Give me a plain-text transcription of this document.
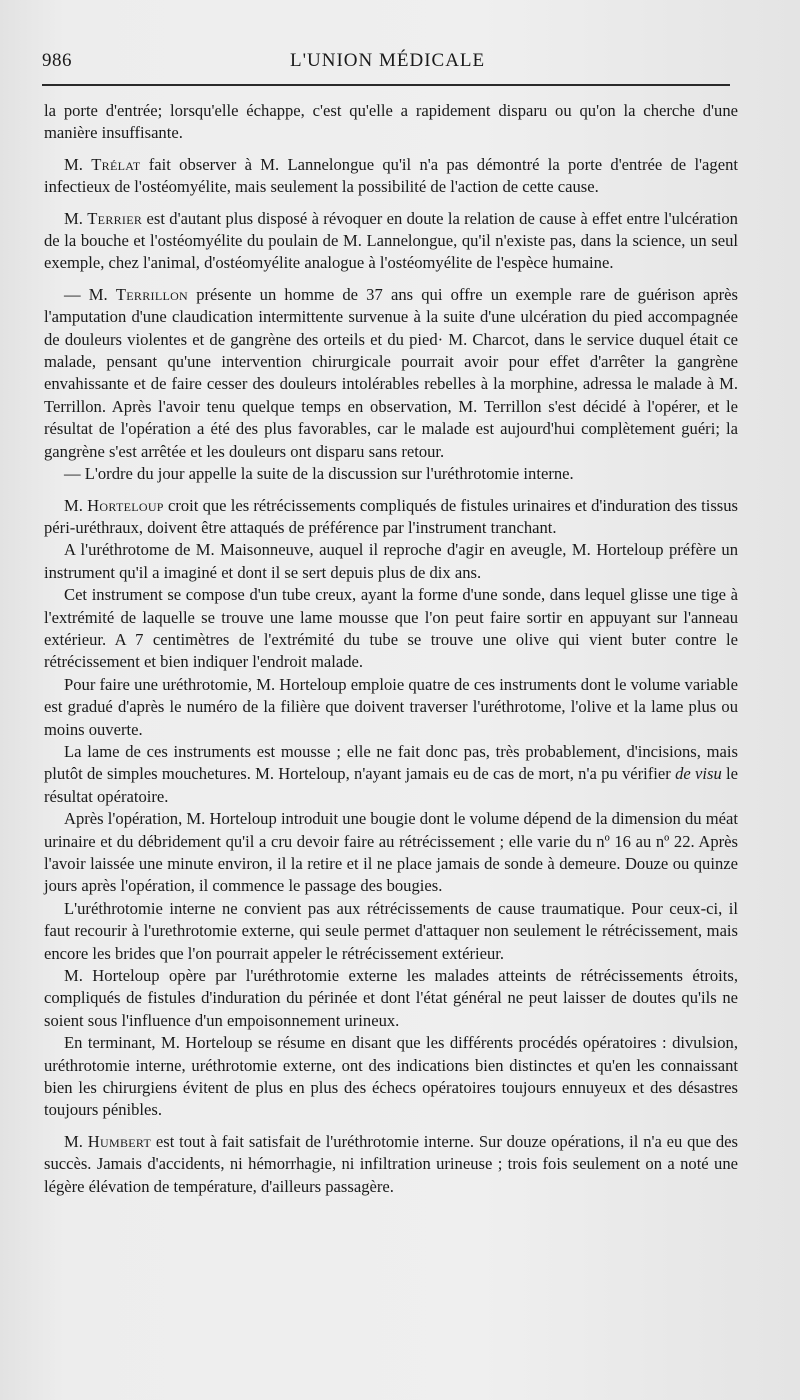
986	L'UNION MÉDICALE

la porte d'entrée; lorsqu'elle échappe, c'est qu'elle a rapidement disparu ou qu'on la cherche d'une manière insuffisante.

M. Trélat fait observer à M. Lannelongue qu'il n'a pas démontré la porte d'entrée de l'agent infectieux de l'ostéomyélite, mais seulement la possibilité de l'action de cette cause.

M. Terrier est d'autant plus disposé à révoquer en doute la relation de cause à effet entre l'ulcération de la bouche et l'ostéomyélite du poulain de M. Lannelongue, qu'il n'existe pas, dans la science, un seul exemple, chez l'animal, d'ostéomyélite analogue à l'ostéomyélite de l'espèce humaine.

— M. Terrillon présente un homme de 37 ans qui offre un exemple rare de guérison après l'amputation d'une claudication intermittente survenue à la suite d'une ulcération du pied accompagnée de douleurs violentes et de gangrène des orteils et du pied· M. Charcot, dans le service duquel était ce malade, pensant qu'une intervention chirurgicale pourrait avoir pour effet d'arrêter la gangrène envahissante et de faire cesser des douleurs intolérables rebelles à la morphine, adressa le malade à M. Terrillon. Après l'avoir tenu quelque temps en observation, M. Terrillon s'est décidé à l'opérer, et le résultat de l'opération a été des plus favorables, car le malade est aujourd'hui complètement guéri; la gangrène s'est arrêtée et les douleurs ont disparu sans retour.

— L'ordre du jour appelle la suite de la discussion sur l'uréthrotomie interne.

M. Horteloup croit que les rétrécissements compliqués de fistules urinaires et d'induration des tissus péri-uréthraux, doivent être attaqués de préférence par l'instrument tranchant.

A l'uréthrotome de M. Maisonneuve, auquel il reproche d'agir en aveugle, M. Horteloup préfère un instrument qu'il a imaginé et dont il se sert depuis plus de dix ans.

Cet instrument se compose d'un tube creux, ayant la forme d'une sonde, dans lequel glisse une tige à l'extrémité de laquelle se trouve une lame mousse que l'on peut faire sortir en appuyant sur l'anneau extérieur. A 7 centimètres de l'extrémité du tube se trouve une olive qui vient buter contre le rétrécissement et bien indiquer l'endroit malade.

Pour faire une uréthrotomie, M. Horteloup emploie quatre de ces instruments dont le volume variable est gradué d'après le numéro de la filière que doivent traverser l'uréthrotome, l'olive et la lame plus ou moins ouverte.

La lame de ces instruments est mousse ; elle ne fait donc pas, très probablement, d'incisions, mais plutôt de simples mouchetures. M. Horteloup, n'ayant jamais eu de cas de mort, n'a pu vérifier de visu le résultat opératoire.

Après l'opération, M. Horteloup introduit une bougie dont le volume dépend de la dimension du méat urinaire et du débridement qu'il a cru devoir faire au rétrécissement ; elle varie du nº 16 au nº 22. Après l'avoir laissée une minute environ, il la retire et il ne place jamais de sonde à demeure. Douze ou quinze jours après l'opération, il commence le passage des bougies.

L'uréthrotomie interne ne convient pas aux rétrécissements de cause traumatique. Pour ceux-ci, il faut recourir à l'urethrotomie externe, qui seule permet d'attaquer non seulement le rétrécissement, mais encore les brides que l'on pourrait appeler le rétrécissement extérieur.

M. Horteloup opère par l'uréthrotomie externe les malades atteints de rétrécissements étroits, compliqués de fistules d'induration du périnée et dont l'état général ne peut laisser de doutes qu'ils ne soient sous l'influence d'un empoisonnement urineux.

En terminant, M. Horteloup se résume en disant que les différents procédés opératoires : divulsion, uréthrotomie interne, uréthrotomie externe, ont des indications bien distinctes et qu'en les connaissant bien les chirurgiens évitent de plus en plus des échecs opératoires toujours ennuyeux et des désastres toujours pénibles.

M. Humbert est tout à fait satisfait de l'uréthrotomie interne. Sur douze opérations, il n'a eu que des succès. Jamais d'accidents, ni hémorrhagie, ni infiltration urineuse ; trois fois seulement on a noté une légère élévation de température, d'ailleurs passagère.
